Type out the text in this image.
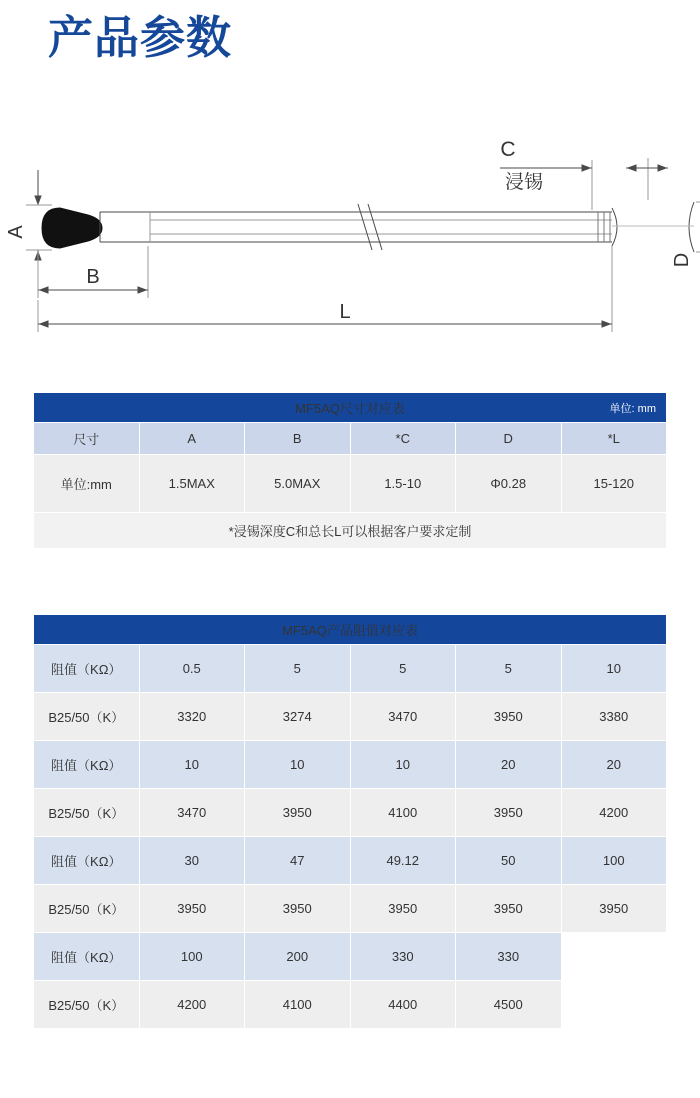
产品参数
A
B
L
C
浸锡
D
MF5AQ尺寸对应表 单位: mm					

尺寸	A	B	*C	D	*L
单位:mm	1.5MAX	5.0MAX	1.5-10	Φ0.28	15-120
*浸锡深度C和总长L可以根据客户要求定制					
MF5AQ产品阻值对应表					
阻值（KΩ）	0.5	5	5	5	10
B25/50（K）	3320	3274	3470	3950	3380
阻值（KΩ）	10	10	10	20	20
B25/50（K）	3470	3950	4100	3950	4200
阻值（KΩ）	30	47	49.12	50	100
B25/50（K）	3950	3950	3950	3950	3950
阻值（KΩ）	100	200	330	330	
B25/50（K）	4200	4100	4400	4500	
